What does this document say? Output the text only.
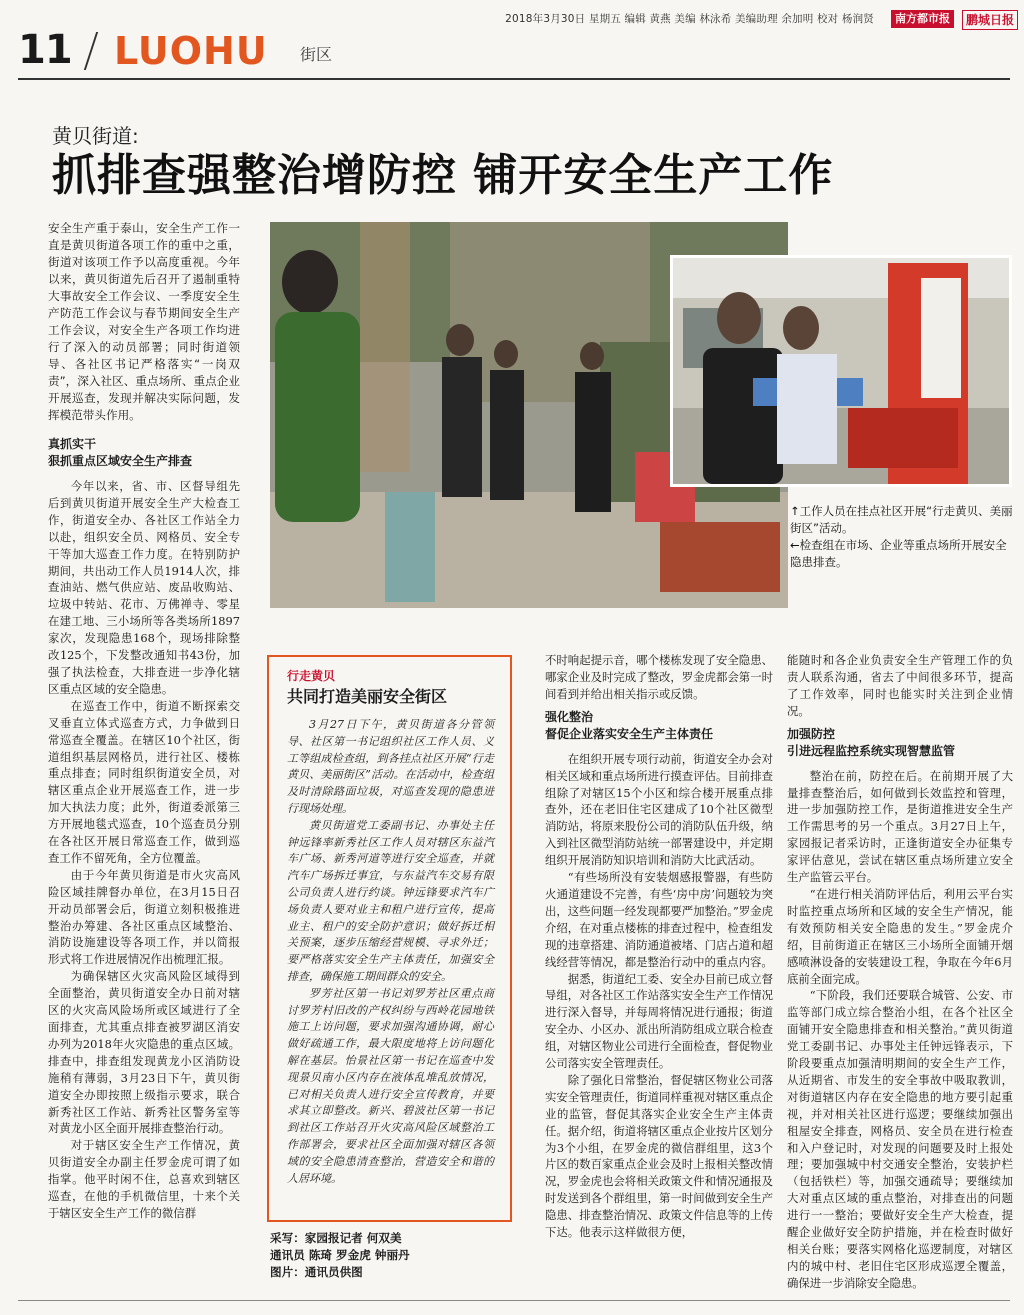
2018年3月30日 星期五 编辑 黄燕 美编 林泳希 美编助理 余加明 校对 杨润贤	南方都市报	鹏城日报
11 LUOHU 街区
黄贝街道:
抓排查强整治增防控 铺开安全生产工作

安全生产重于泰山，安全生产工作一直是黄贝街道各项工作的重中之重，街道对该项工作予以高度重视。今年以来，黄贝街道先后召开了遏制重特大事故安全工作会议、一季度安全生产防范工作会议与春节期间安全生产工作会议，对安全生产各项工作均进行了深入的动员部署；同时街道领导、各社区书记严格落实“一岗双责”，深入社区、重点场所、重点企业开展巡查，发现并解决实际问题，发挥模范带头作用。

真抓实干
狠抓重点区域安全生产排查

今年以来，省、市、区督导组先后到黄贝街道开展安全生产大检查工作，街道安全办、各社区工作站全力以赴，组织安全员、网格员、安全专干等加大巡查工作力度。在特别防护期间，共出动工作人员1914人次，排查油站、燃气供应站、废品收购站、垃圾中转站、花市、万佛禅寺、零星在建工地、三小场所等各类场所1897家次，发现隐患168个，现场排除整改125个，下发整改通知书43份，加强了执法检查，大排查进一步净化辖区重点区域的安全隐患。

在巡查工作中，街道不断探索交叉垂直立体式巡查方式，力争做到日常巡查全覆盖。在辖区10个社区，街道组织基层网格员，进行社区、楼栋重点排查；同时组织街道安全员，对辖区重点企业开展巡查工作，进一步加大执法力度；此外，街道委派第三方开展地毯式巡查，10个巡查员分别在各社区开展日常巡查工作，做到巡查工作不留死角，全方位覆盖。

由于今年黄贝街道是市火灾高风险区域挂牌督办单位，在3月15日召开动员部署会后，街道立刻积极推进整治办筹建、各社区重点区域整治、消防设施建设等各项工作，并以简报形式将工作进展情况作出梳理汇报。

为确保辖区火灾高风险区域得到全面整治，黄贝街道安全办日前对辖区的火灾高风险场所或区域进行了全面排查，尤其重点排查被罗湖区消安办列为2018年火灾隐患的重点区域。排查中，排查组发现黄龙小区消防设施稍有薄弱，3月23日下午，黄贝街道安全办即按照上级指示要求，联合新秀社区工作站、新秀社区警务室等对黄龙小区全面开展排查整治行动。

对于辖区安全生产工作情况，黄贝街道安全办副主任罗金虎可谓了如指掌。他平时闲不住，总喜欢到辖区巡查，在他的手机微信里，十来个关于辖区安全生产工作的微信群

↑工作人员在挂点社区开展“行走黄贝、美丽街区”活动。
←检查组在市场、企业等重点场所开展安全隐患排查。
行走黄贝
共同打造美丽安全街区

3月27日下午，黄贝街道各分管领导、社区第一书记组织社区工作人员、义工等组成检查组，到各挂点社区开展“行走黄贝、美丽街区”活动。在活动中，检查组及时清除路面垃圾，对巡查发现的隐患进行现场处理。

黄贝街道党工委副书记、办事处主任钟远锋率新秀社区工作人员对辖区东益汽车广场、新秀河道等进行安全巡查，并就汽车广场拆迁事宜，与东益汽车交易有限公司负责人进行约谈。钟远锋要求汽车广场负责人要对业主和租户进行宣传，提高业主、租户的安全防护意识；做好拆迁相关预案，逐步压缩经营规模、寻求外迁；要严格落实安全生产主体责任，加强安全排查，确保施工期间群众的安全。

罗芳社区第一书记刘罗芳社区重点商讨罗芳村旧改的产权纠纷与西岭花园地铁施工上访问题，要求加强沟通协调，耐心做好疏通工作，最大限度地将上访问题化解在基层。怡景社区第一书记在巡查中发现景贝南小区内存在液体乱堆乱放情况，已对相关负责人进行安全宣传教育，并要求其立即整改。新兴、碧波社区第一书记到社区工作站召开火灾高风险区域整治工作部署会，要求社区全面加强对辖区各领域的安全隐患清查整治，营造安全和谐的人居环境。

采写：家园报记者 何双美
通讯员 陈琦 罗金虎 钟丽丹
图片：通讯员供图

不时响起提示音，哪个楼栋发现了安全隐患、哪家企业及时完成了整改，罗金虎都会第一时间看到并给出相关指示或反馈。

强化整治
督促企业落实安全生产主体责任

在组织开展专项行动前，街道安全办会对相关区域和重点场所进行摸查评估。目前排查组除了对辖区15个小区和综合楼开展重点排查外，还在老旧住宅区建成了10个社区微型消防站，将原来股份公司的消防队伍升级，纳入到社区微型消防站统一部署建设中，并定期组织开展消防知识培训和消防大比武活动。

“有些场所没有安装烟感报警器，有些防火通道建设不完善，有些‘房中房’问题较为突出，这些问题一经发现都要严加整治。”罗金虎介绍，在对重点楼栋的排查过程中，检查组发现的违章搭建、消防通道被堵、门店占道和超线经营等情况，都是整治行动中的重点内容。

据悉，街道纪工委、安全办目前已成立督导组，对各社区工作站落实安全生产工作情况进行深入督导，并每周将情况进行通报；街道安全办、小区办、派出所消防组成立联合检查组，对辖区物业公司进行全面检查，督促物业公司落实安全管理责任。

除了强化日常整治，督促辖区物业公司落实安全管理责任，街道同样重视对辖区重点企业的监管，督促其落实企业安全生产主体责任。据介绍，街道将辖区重点企业按片区划分为3个小组，在罗金虎的微信群组里，这3个片区的数百家重点企业会及时上报相关整改情况，罗金虎也会将相关政策文件和情况通报及时发送到各个群组里，第一时间做到安全生产隐患、排查整治情况、政策文件信息等的上传下达。他表示这样做很方便，

能随时和各企业负责安全生产管理工作的负责人联系沟通，省去了中间很多环节，提高了工作效率，同时也能实时关注到企业情况。

加强防控
引进远程监控系统实现智慧监管

整治在前，防控在后。在前期开展了大量排查整治后，如何做到长效监控和管理，进一步加强防控工作，是街道推进安全生产工作需思考的另一个重点。3月27日上午，家园报记者采访时，正逢街道安全办征集专家评估意见，尝试在辖区重点场所建立安全生产监管云平台。

“在进行相关消防评估后，利用云平台实时监控重点场所和区域的安全生产情况，能有效预防相关安全隐患的发生。”罗金虎介绍，目前街道正在辖区三小场所全面铺开烟感喷淋设备的安装建设工程，争取在今年6月底前全面完成。

“下阶段，我们还要联合城管、公安、市监等部门成立综合整治小组，在各个社区全面铺开安全隐患排查和相关整治。”黄贝街道党工委副书记、办事处主任钟远锋表示，下阶段要重点加强清明期间的安全生产工作，从近期省、市发生的安全事故中吸取教训，对街道辖区内存在安全隐患的地方要引起重视，并对相关社区进行巡逻；要继续加强出租屋安全排查，网格员、安全员在进行检查和入户登记时，对发现的问题要及时上报处理；要加强城中村交通安全整治，安装护栏（包括铁栏）等，加强交通疏导；要继续加大对重点区域的重点整治，对排查出的问题进行一一整治；要做好安全生产大检查，提醒企业做好安全防护措施，并在检查时做好相关台账；要落实网格化巡逻制度，对辖区内的城中村、老旧住宅区形成巡逻全覆盖，确保进一步消除安全隐患。
